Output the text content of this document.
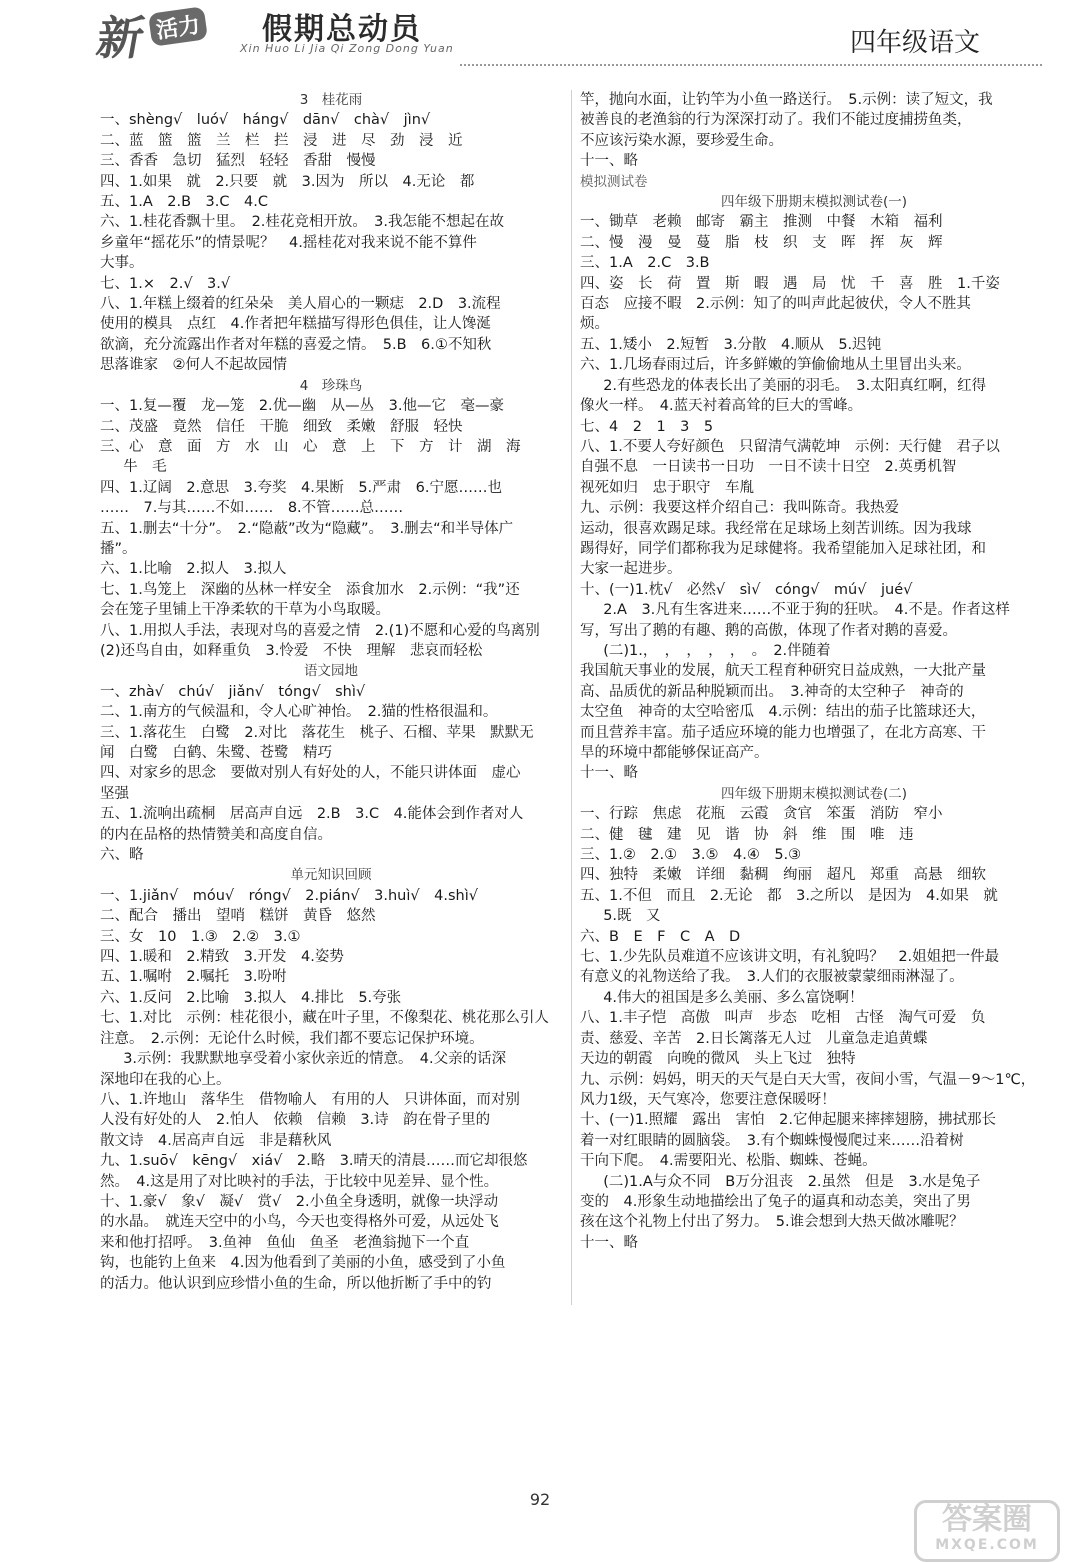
新 活力 假期总动员
Xin Huo Li Jia Qi Zong Dong Yuan	四年级语文

3　桂花雨

一、shèng√　luó√　háng√　dān√　chà√　jìn√

二、蓝　篮　篮　兰　栏　拦　浸　进　尽　劲　浸　近

三、香香　急切　猛烈　轻轻　香甜　慢慢

四、1.如果　就　2.只要　就　3.因为　所以　4.无论　都

五、1.A　2.B　3.C　4.C

六、1.桂花香飘十里。　2.桂花竞相开放。　3.我怎能不想起在故

乡童年“摇花乐”的情景呢？　4.摇桂花对我来说不能不算件

大事。

七、1.×　2.√　3.√

八、1.年糕上缀着的红朵朵　美人眉心的一颗痣　2.D　3.流程

使用的模具　点红　4.作者把年糕描写得形色俱佳，让人馋涎

欲滴，充分流露出作者对年糕的喜爱之情。　5.B　6.①不知秋

思落谁家　②何人不起故园情

4　珍珠鸟

一、1.复—覆　龙—笼　2.优—幽　从—丛　3.他—它　毫—豪

二、茂盛　竟然　信任　干脆　细致　柔嫩　舒服　轻快

三、心　意　面　方　水　山　心　意　上　下　方　计　湖　海

牛　毛

四、1.辽阔　2.意思　3.夸奖　4.果断　5.严肃　6.宁愿……也

……　7.与其……不如……　8.不管……总……

五、1.删去“十分”。　2.“隐蔽”改为“隐藏”。　3.删去“和半导体广

播”。

六、1.比喻　2.拟人　3.拟人

七、1.鸟笼上　深幽的丛林一样安全　添食加水　2.示例：“我”还

会在笼子里铺上干净柔软的干草为小鸟取暖。

八、1.用拟人手法，表现对鸟的喜爱之情　2.(1)不愿和心爱的鸟离别

(2)还鸟自由，如释重负　3.怜爱　不快　理解　悲哀而轻松

语文园地

一、zhà√　chú√　jiǎn√　tóng√　shì√

二、1.南方的气候温和，令人心旷神怡。　2.猫的性格很温和。

三、1.落花生　白鹭　2.对比　落花生　桃子、石榴、苹果　默默无

闻　白鹭　白鹤、朱鹭、苍鹭　精巧

四、对家乡的思念　要做对别人有好处的人，不能只讲体面　虚心

坚强

五、1.流响出疏桐　居高声自远　2.B　3.C　4.能体会到作者对人

的内在品格的热情赞美和高度自信。

六、略

单元知识回顾

一、1.jiǎn√　móu√　róng√　2.pián√　3.huì√　4.shì√

二、配合　播出　望哨　糕饼　黄昏　悠然

三、女　10　1.③　2.②　3.①

四、1.暖和　2.精致　3.开发　4.姿势

五、1.嘱咐　2.嘱托　3.吩咐

六、1.反问　2.比喻　3.拟人　4.排比　5.夸张

七、1.对比　示例：桂花很小，藏在叶子里，不像梨花、桃花那么引人

注意。　2.示例：无论什么时候，我们都不要忘记保护环境。

3.示例：我默默地享受着小家伙亲近的情意。　4.父亲的话深

深地印在我的心上。

八、1.许地山　落华生　借物喻人　有用的人　只讲体面，而对别

人没有好处的人　2.怕人　依赖　信赖　3.诗　韵在骨子里的

散文诗　4.居高声自远　非是藉秋风

九、1.suō√　kēng√　xiá√　2.略　3.晴天的清晨……而它却很悠

然。　4.这是用了对比映衬的手法，于比较中见差异、显个性。

十、1.豪√　象√　凝√　赏√　2.小鱼全身透明，就像一块浮动

的水晶。　就连天空中的小鸟，今天也变得格外可爱，从远处飞

来和他打招呼。　3.鱼神　鱼仙　鱼圣　老渔翁抛下一个直

钩，也能钓上鱼来　4.因为他看到了美丽的小鱼，感受到了小鱼

的活力。他认识到应珍惜小鱼的生命，所以他折断了手中的钓

竿，抛向水面，让钓竿为小鱼一路送行。　5.示例：读了短文，我

被善良的老渔翁的行为深深打动了。我们不能过度捕捞鱼类，

不应该污染水源，要珍爱生命。

十一、略

模拟测试卷

四年级下册期末模拟测试卷(一)

一、锄草　老赖　邮寄　霸主　推测　中餐　木箱　福利

二、慢　漫　曼　蔓　脂　枝　织　支　晖　挥　灰　辉

三、1.A　2.C　3.B

四、姿　长　荷　置　斯　暇　遇　局　忧　千　喜　胜　1.千姿

百态　应接不暇　2.示例：知了的叫声此起彼伏，令人不胜其

烦。

五、1.矮小　2.短暂　3.分散　4.顺从　5.迟钝

六、1.几场春雨过后，许多鲜嫩的笋偷偷地从土里冒出头来。

2.有些恐龙的体表长出了美丽的羽毛。　3.太阳真红啊，红得

像火一样。　4.蓝天衬着高耸的巨大的雪峰。

七、4　2　1　3　5

八、1.不要人夸好颜色　只留清气满乾坤　示例：天行健　君子以

自强不息　一日读书一日功　一日不读十日空　2.英勇机智

视死如归　忠于职守　车胤

九、示例：我要这样介绍自己：我叫陈奇。我热爱

运动，很喜欢踢足球。我经常在足球场上刻苦训练。因为我球

踢得好，同学们都称我为足球健将。我希望能加入足球社团，和

大家一起进步。

十、(一)1.枕√　必然√　sì√　cóng√　mú√　jué√

2.A　3.凡有生客进来……不亚于狗的狂吠。　4.不是。作者这样

写，写出了鹅的有趣、鹅的高傲，体现了作者对鹅的喜爱。

(二)1.，　，　，　，　，　。　2.伴随着

我国航天事业的发展，航天工程育种研究日益成熟，一大批产量

高、品质优的新品种脱颖而出。　3.神奇的太空种子　神奇的

太空鱼　神奇的太空哈密瓜　4.示例：结出的茄子比篮球还大，

而且营养丰富。茄子适应环境的能力也增强了，在北方高寒、干

旱的环境中都能够保证高产。

十一、略

四年级下册期末模拟测试卷(二)

一、行踪　焦虑　花瓶　云霞　贪官　笨蛋　消防　窄小

二、健　毽　建　见　谐　协　斜　维　围　唯　违

三、1.②　2.①　3.⑤　4.④　5.③

四、独特　柔嫩　详细　黏稠　绚丽　超凡　郑重　高悬　细软

五、1.不但　而且　2.无论　都　3.之所以　是因为　4.如果　就

5.既　又

六、B　E　F　C　A　D

七、1.少先队员难道不应该讲文明，有礼貌吗？　2.姐姐把一件最

有意义的礼物送给了我。　3.人们的衣服被蒙蒙细雨淋湿了。

4.伟大的祖国是多么美丽、多么富饶啊！

八、1.丰子恺　高傲　叫声　步态　吃相　古怪　淘气可爱　负

责、慈爱、辛苦　2.日长篱落无人过　儿童急走追黄蝶

天边的朝霞　向晚的微风　头上飞过　独特

九、示例：妈妈，明天的天气是白天大雪，夜间小雪，气温－9～1℃，

风力1级，天气寒冷，您要注意保暖呀！

十、(一)1.照耀　露出　害怕　2.它伸起腿来摔摔翅膀，拂拭那长

着一对红眼睛的圆脑袋。　3.有个蜘蛛慢慢爬过来……沿着树

干向下爬。　4.需要阳光、松脂、蜘蛛、苍蝇。

(二)1.A与众不同　B万分沮丧　2.虽然　但是　3.水是兔子

变的　4.形象生动地描绘出了兔子的逼真和动态美，突出了男

孩在这个礼物上付出了努力。　5.谁会想到大热天做冰雕呢？

十一、略

92
答案圈
MXQE.COM
